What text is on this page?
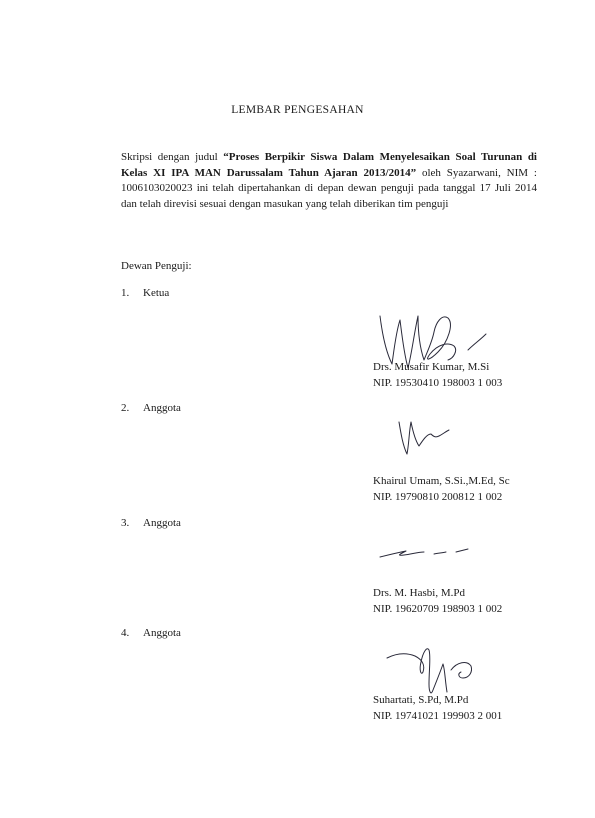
LEMBAR PENGESAHAN
Skripsi dengan judul “Proses Berpikir Siswa Dalam Menyelesaikan Soal Turunan di Kelas XI IPA MAN Darussalam Tahun Ajaran 2013/2014” oleh Syazarwani, NIM : 1006103020023 ini telah dipertahankan di depan dewan penguji pada tanggal 17 Juli 2014 dan telah direvisi sesuai dengan masukan yang telah diberikan tim penguji
Dewan Penguji:
1. Ketua
Drs. Musafir Kumar, M.Si
NIP. 19530410 198003 1 003
2. Anggota
Khairul Umam, S.Si.,M.Ed, Sc
NIP. 19790810 200812 1 002
3. Anggota
Drs. M. Hasbi, M.Pd
NIP. 19620709 198903 1 002
4. Anggota
Suhartati, S.Pd, M.Pd
NIP. 19741021 199903 2 001
